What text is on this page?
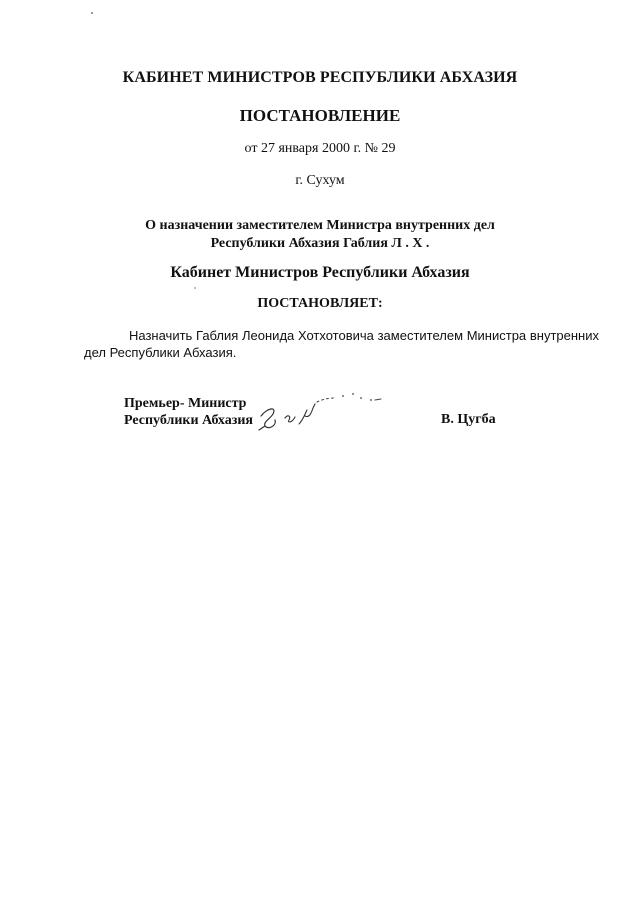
КАБИНЕТ МИНИСТРОВ РЕСПУБЛИКИ АБХАЗИЯ
ПОСТАНОВЛЕНИЕ
от 27 января 2000 г. № 29
г. Сухум
О назначении заместителем Министра внутренних дел
Республики Абхазия Габлия Л . Х .
Кабинет Министров Республики Абхазия
ПОСТАНОВЛЯЕТ:
Назначить Габлия Леонида Хотхотовича заместителем Министра внутренних дел Республики Абхазия.
Премьер- Министр
Республики Абхазия	В. Цугба
